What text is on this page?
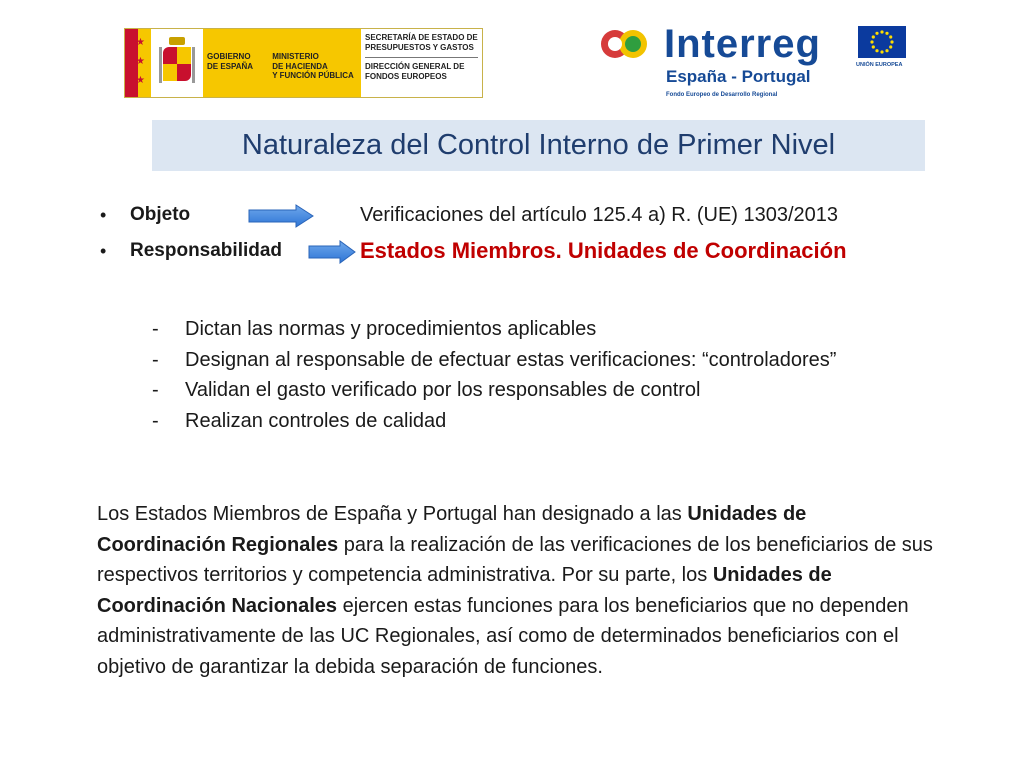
★
★
★
GOBIERNO
DE ESPAÑA
MINISTERIO
DE HACIENDA
Y FUNCIÓN PÚBLICA
SECRETARÍA DE ESTADO DE
PRESUPUESTOS Y GASTOS
DIRECCIÓN GENERAL DE
FONDOS EUROPEOS
Interreg
España - Portugal
Fondo Europeo de Desarrollo Regional
UNIÓN EUROPEA
Naturaleza del Control Interno de Primer Nivel
•	Objeto	Verificaciones del artículo 125.4 a) R. (UE) 1303/2013
•	Responsabilidad	Estados Miembros. Unidades de Coordinación
- Dictan las normas y procedimientos aplicables
- Designan al responsable de efectuar estas verificaciones: “controladores”
- Validan el gasto verificado por los responsables de control
- Realizan controles de calidad

Los Estados Miembros de España y Portugal han designado a las Unidades de Coordinación Regionales para la realización de las verificaciones de los beneficiarios de sus respectivos territorios y competencia administrativa. Por su parte, los Unidades de Coordinación Nacionales ejercen estas funciones para los beneficiarios que no dependen administrativamente de las UC Regionales, así como de determinados beneficiarios con el objetivo de garantizar la debida separación de funciones.
